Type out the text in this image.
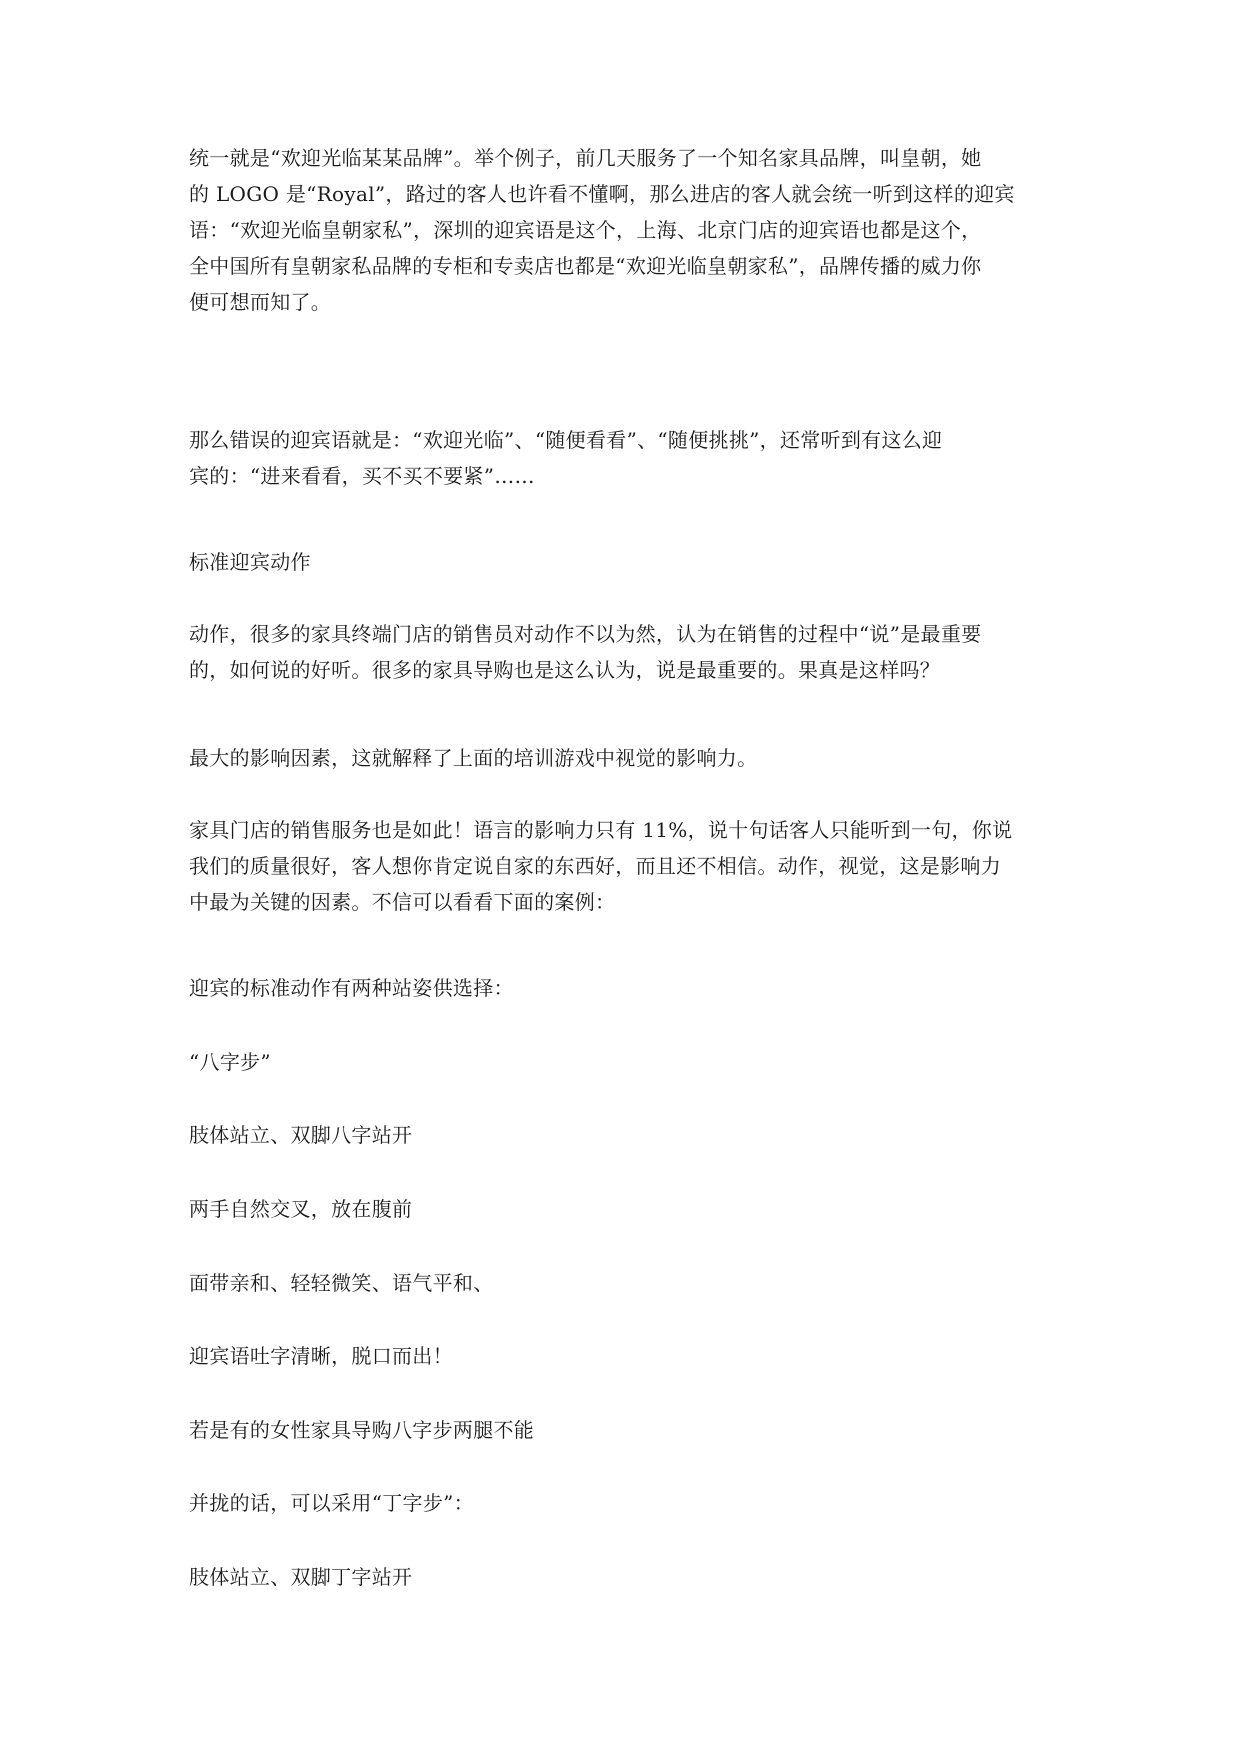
统一就是“欢迎光临某某品牌”。举个例子，前几天服务了一个知名家具品牌，叫皇朝，她
的 LOGO 是“Royal”，路过的客人也许看不懂啊，那么进店的客人就会统一听到这样的迎宾
语：“欢迎光临皇朝家私”，深圳的迎宾语是这个，上海、北京门店的迎宾语也都是这个，
全中国所有皇朝家私品牌的专柜和专卖店也都是“欢迎光临皇朝家私”，品牌传播的威力你
便可想而知了。

那么错误的迎宾语就是：“欢迎光临”、“随便看看”、“随便挑挑”，还常听到有这么迎
宾的：“进来看看，买不买不要紧”……

标准迎宾动作

动作，很多的家具终端门店的销售员对动作不以为然，认为在销售的过程中“说”是最重要
的，如何说的好听。很多的家具导购也是这么认为，说是最重要的。果真是这样吗？

最大的影响因素，这就解释了上面的培训游戏中视觉的影响力。

家具门店的销售服务也是如此！语言的影响力只有 11%，说十句话客人只能听到一句，你说
我们的质量很好，客人想你肯定说自家的东西好，而且还不相信。动作，视觉，这是影响力
中最为关键的因素。不信可以看看下面的案例：

迎宾的标准动作有两种站姿供选择：

“八字步”

肢体站立、双脚八字站开

两手自然交叉，放在腹前

面带亲和、轻轻微笑、语气平和、

迎宾语吐字清晰，脱口而出！

若是有的女性家具导购八字步两腿不能

并拢的话，可以采用“丁字步”：

肢体站立、双脚丁字站开
